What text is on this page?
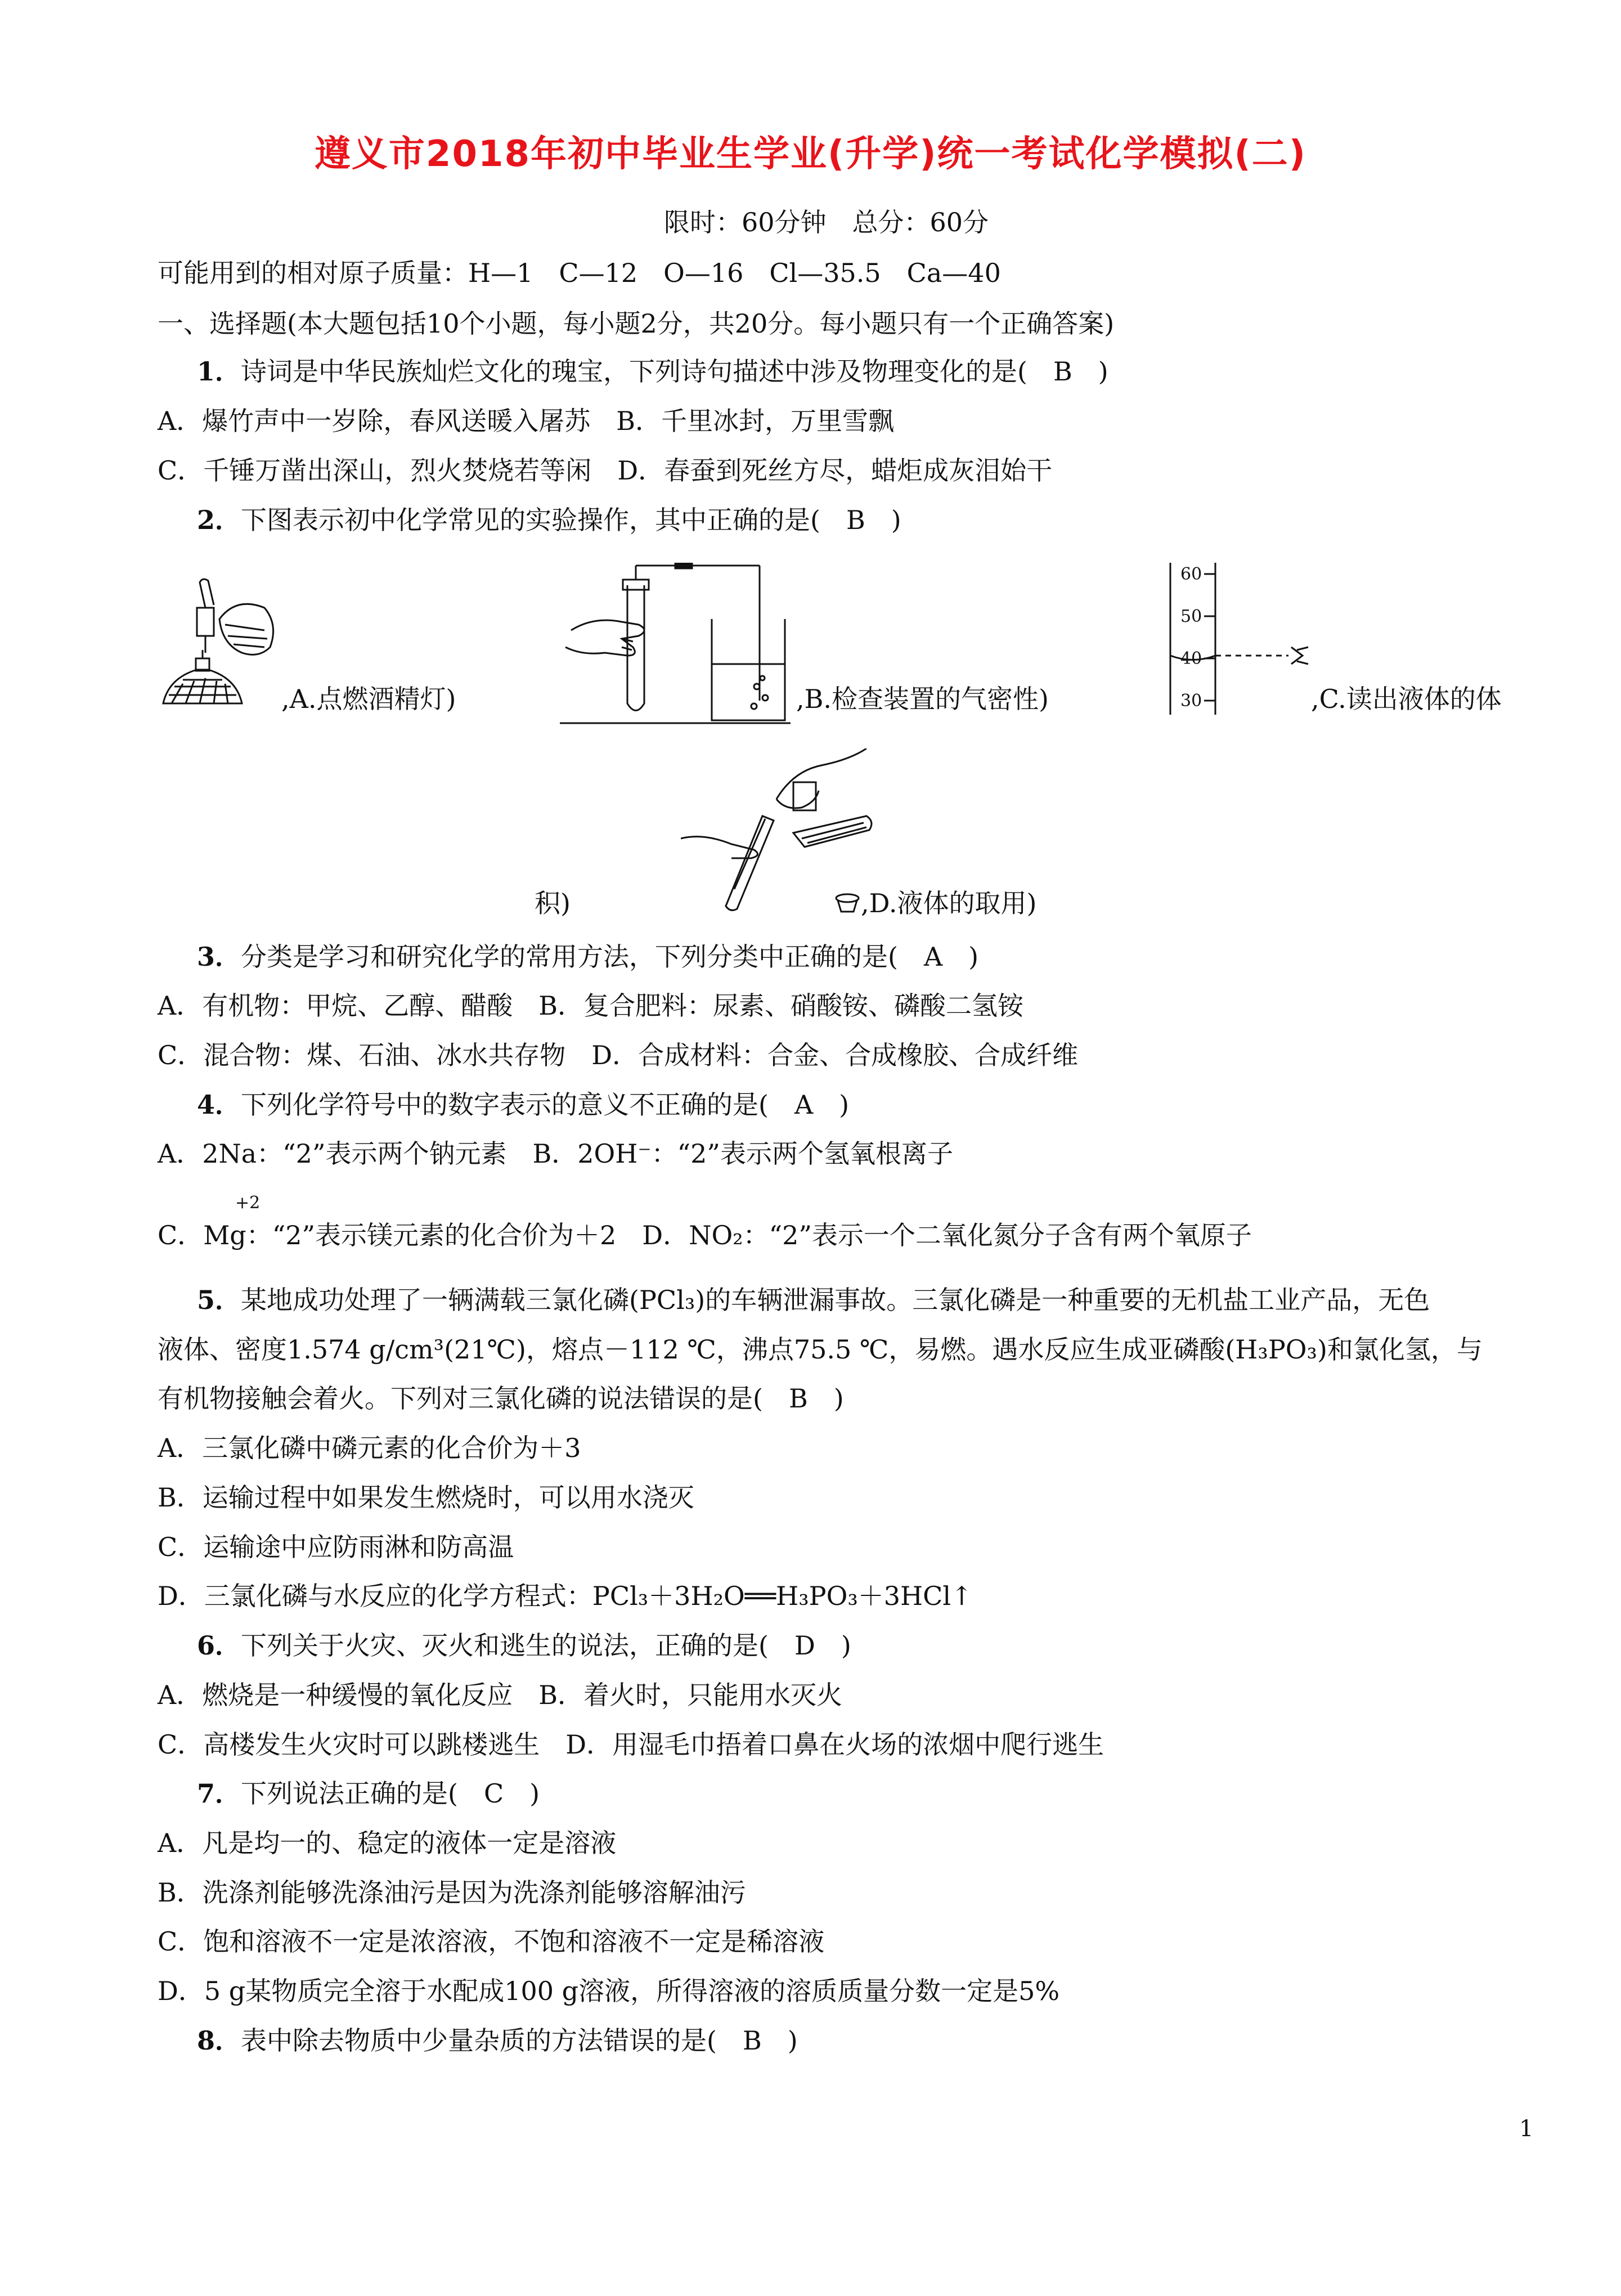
遵义市2018年初中毕业生学业(升学)统一考试化学模拟(二)
限时：60分钟　总分：60分
可能用到的相对原子质量：H—1　C—12　O—16　Cl—35.5　Ca—40
一、选择题(本大题包括10个小题，每小题2分，共20分。每小题只有一个正确答案)
1．诗词是中华民族灿烂文化的瑰宝，下列诗句描述中涉及物理变化的是(　B　)
A．爆竹声中一岁除，春风送暖入屠苏　B．千里冰封，万里雪飘
C．千锤万凿出深山，烈火焚烧若等闲　D．春蚕到死丝方尽，蜡炬成灰泪始干
2．下图表示初中化学常见的实验操作，其中正确的是(　B　)
,A.点燃酒精灯)	,B.检查装置的气密性)
60
50
40
30	,C.读出液体的体
积)	,D.液体的取用)
3．分类是学习和研究化学的常用方法，下列分类中正确的是(　A　)
A．有机物：甲烷、乙醇、醋酸　B．复合肥料：尿素、硝酸铵、磷酸二氢铵
C．混合物：煤、石油、冰水共存物　D．合成材料：合金、合成橡胶、合成纤维
4．下列化学符号中的数字表示的意义不正确的是(　A　)
A．2Na：“2”表示两个钠元素　B．2OH⁻：“2”表示两个氢氧根离子
+2
C．Mg：“2”表示镁元素的化合价为＋2　D．NO₂：“2”表示一个二氧化氮分子含有两个氧原子
5．某地成功处理了一辆满载三氯化磷(PCl₃)的车辆泄漏事故。三氯化磷是一种重要的无机盐工业产品，无色
液体、密度1.574 g/cm³(21℃)，熔点－112 ℃，沸点75.5 ℃，易燃。遇水反应生成亚磷酸(H₃PO₃)和氯化氢，与
有机物接触会着火。下列对三氯化磷的说法错误的是(　B　)
A．三氯化磷中磷元素的化合价为＋3
B．运输过程中如果发生燃烧时，可以用水浇灭
C．运输途中应防雨淋和防高温
D．三氯化磷与水反应的化学方程式：PCl₃＋3H₂O══H₃PO₃＋3HCl↑
6．下列关于火灾、灭火和逃生的说法，正确的是(　D　)
A．燃烧是一种缓慢的氧化反应　B．着火时，只能用水灭火
C．高楼发生火灾时可以跳楼逃生　D．用湿毛巾捂着口鼻在火场的浓烟中爬行逃生
7．下列说法正确的是(　C　)
A．凡是均一的、稳定的液体一定是溶液
B．洗涤剂能够洗涤油污是因为洗涤剂能够溶解油污
C．饱和溶液不一定是浓溶液，不饱和溶液不一定是稀溶液
D．5 g某物质完全溶于水配成100 g溶液，所得溶液的溶质质量分数一定是5%
8．表中除去物质中少量杂质的方法错误的是(　B　)
1
